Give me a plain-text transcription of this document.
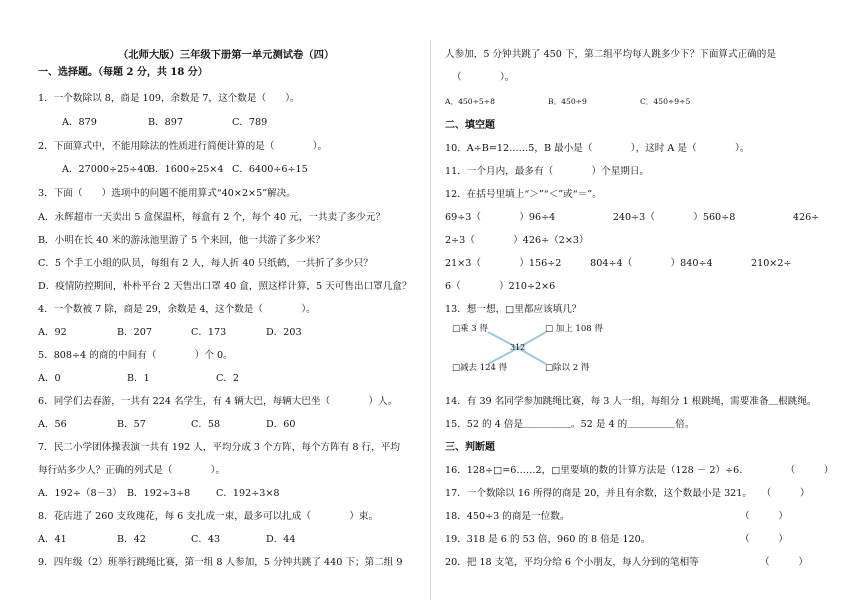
（北师大版）三年级下册第一单元测试卷（四）
一、选择题。（每题 2 分，共 18 分）
1．一个数除以 8，商是 109，余数是 7，这个数是（　　）。
A．879	B．897	C．789
2．下面算式中，不能用除法的性质进行简便计算的是（　　　　）。
A．27000÷25÷40
B．1600÷25×4 C．6400÷6÷15
3．下面（　　）选项中的问题不能用算式“40×2×5”解决。
A．永辉超市一天卖出 5 盒保温杯，每盒有 2 个，每个 40 元，一共卖了多少元？
B．小明在长 40 米的游泳池里游了 5 个来回，他一共游了多少米？
C．5 个手工小组的队员，每组有 2 人，每人折 40 只纸鹤，一共折了多少只？
D．疫情防控期间，朴朴平台 2 天售出口罩 40 盒，照这样计算，5 天可售出口罩几盒？
4．一个数被 7 除，商是 29，余数是 4，这个数是（　　　　）。
A．92	B．207	C．173	D．203
5．808÷4 的商的中间有（　　　　）个 0。
A．0	B．1	C．2
6．同学们去春游，一共有 224 名学生，有 4 辆大巴，每辆大巴坐（　　　　）人。
A．56	B．57	C．58	D．60
7．民二小学团体操表演一共有 192 人，平均分成 3 个方阵，每个方阵有 8 行，平均
每行站多少人？正确的列式是（　　　　）。
A．192÷（8－3） B．192÷3÷8	C．192÷3×8
8．花店进了 260 支玫瑰花，每 6 支扎成一束，最多可以扎成（　　　　）束。
A．41	B．42	C．43	D．44
9．四年级（2）班举行跳绳比赛，第一组 8 人参加，5 分钟共跳了 440 下；第二组 9
人参加，5 分钟共跳了 450 下，第二组平均每人跳多少下？下面算式正确的是
（　　　　）。
A．450÷5÷8	B．450÷9	C．450÷9÷5
二、填空题
10．A÷B=12……5，B 最小是（　　　　），这时 A 是（　　　　）。
11．一个月内，最多有（　　　　）个星期日。
12．在括号里填上“＞”“＜”或“＝”。
69÷3（　　　　）96÷4　　　　　　240÷3（　　　　）560÷8　　　　　　426÷
2÷3（　　　　）426÷（2×3）
21×3（　　　　）156÷2　　　804÷4（　　　　）840÷4　　　　210×2÷
6（　　　　）210÷2×6
13．想一想，□里都应该填几？
14．有 39 名同学参加跳绳比赛，每 3 人一组，每组分 1 根跳绳，需要准备＿根跳绳。
15．52 的 4 倍是＿＿＿＿＿。52 是 4 的＿＿＿＿＿倍。
三、判断题
16．128÷□=6……2，□里要填的数的计算方法是（128 － 2）÷6.　　　　　（　　　）
17．一个数除以 16 所得的商是 20，并且有余数，这个数最小是 321。　　（　　　）
18．450÷3 的商是一位数。	（　　　）
19．318 是 6 的 53 倍，960 的 8 倍是 120。	（　　　）
20．把 18 支笔，平均分给 6 个小朋友，每人分到的笔相等	（　　　）
312
□乘 3 得	□ 加上 108 得
□减去 124 得	□除以 2 得
